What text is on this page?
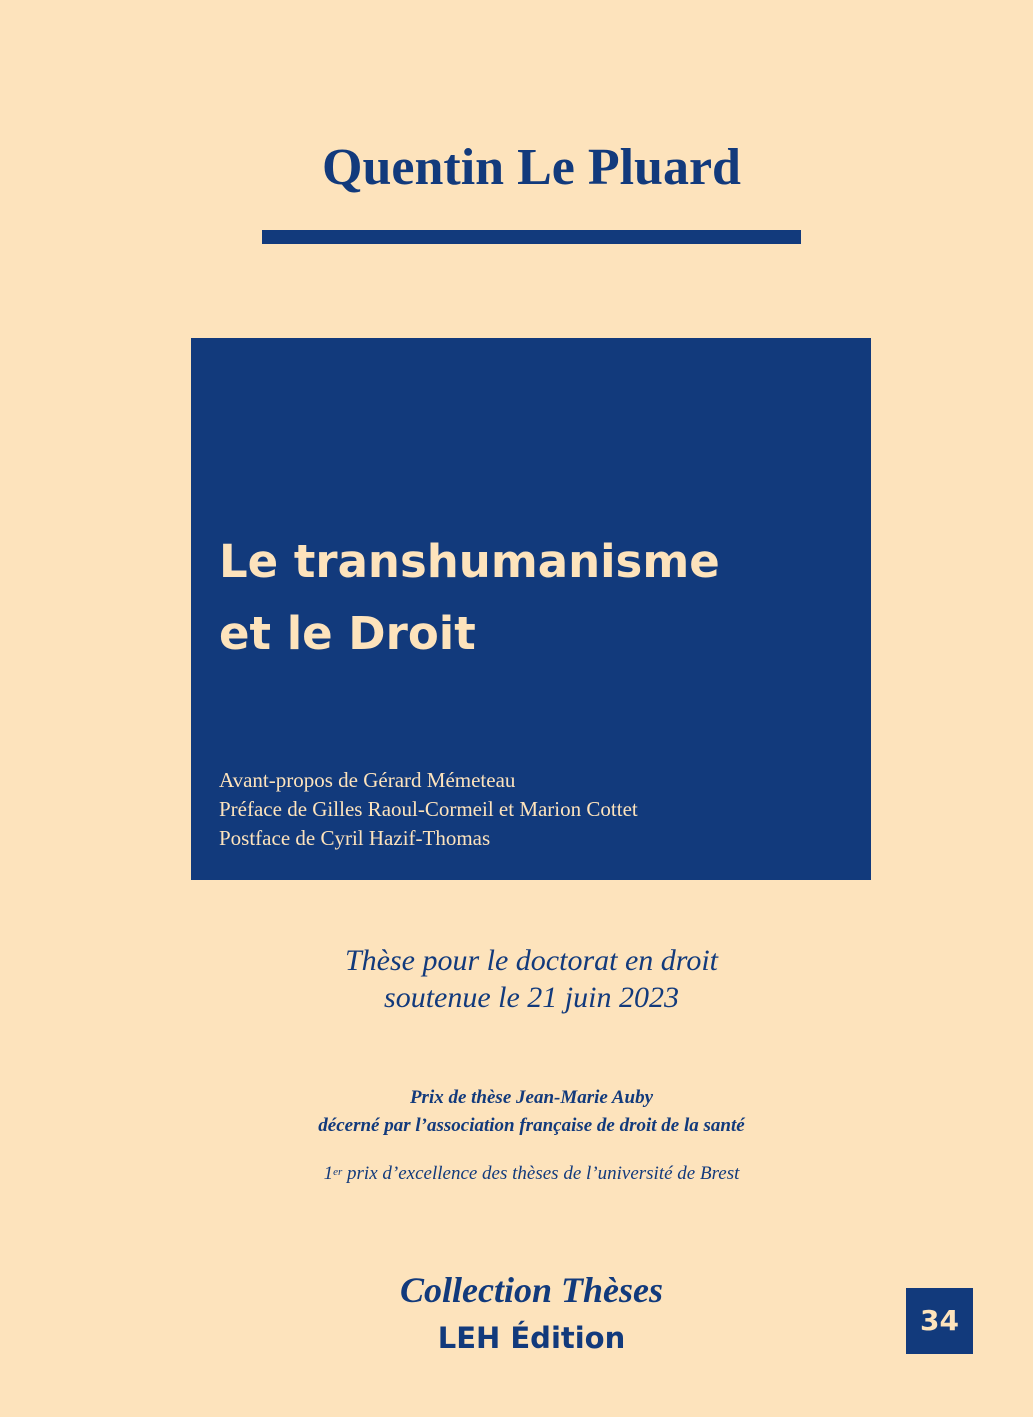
Quentin Le Pluard
Le transhumanisme
et le Droit
Avant-propos de Gérard Mémeteau
Préface de Gilles Raoul-Cormeil et Marion Cottet
Postface de Cyril Hazif-Thomas
Thèse pour le doctorat en droit
soutenue le 21 juin 2023
Prix de thèse Jean-Marie Auby
décerné par l’association française de droit de la santé
1er prix d’excellence des thèses de l’université de Brest
Collection Thèses
LEH Édition
34
